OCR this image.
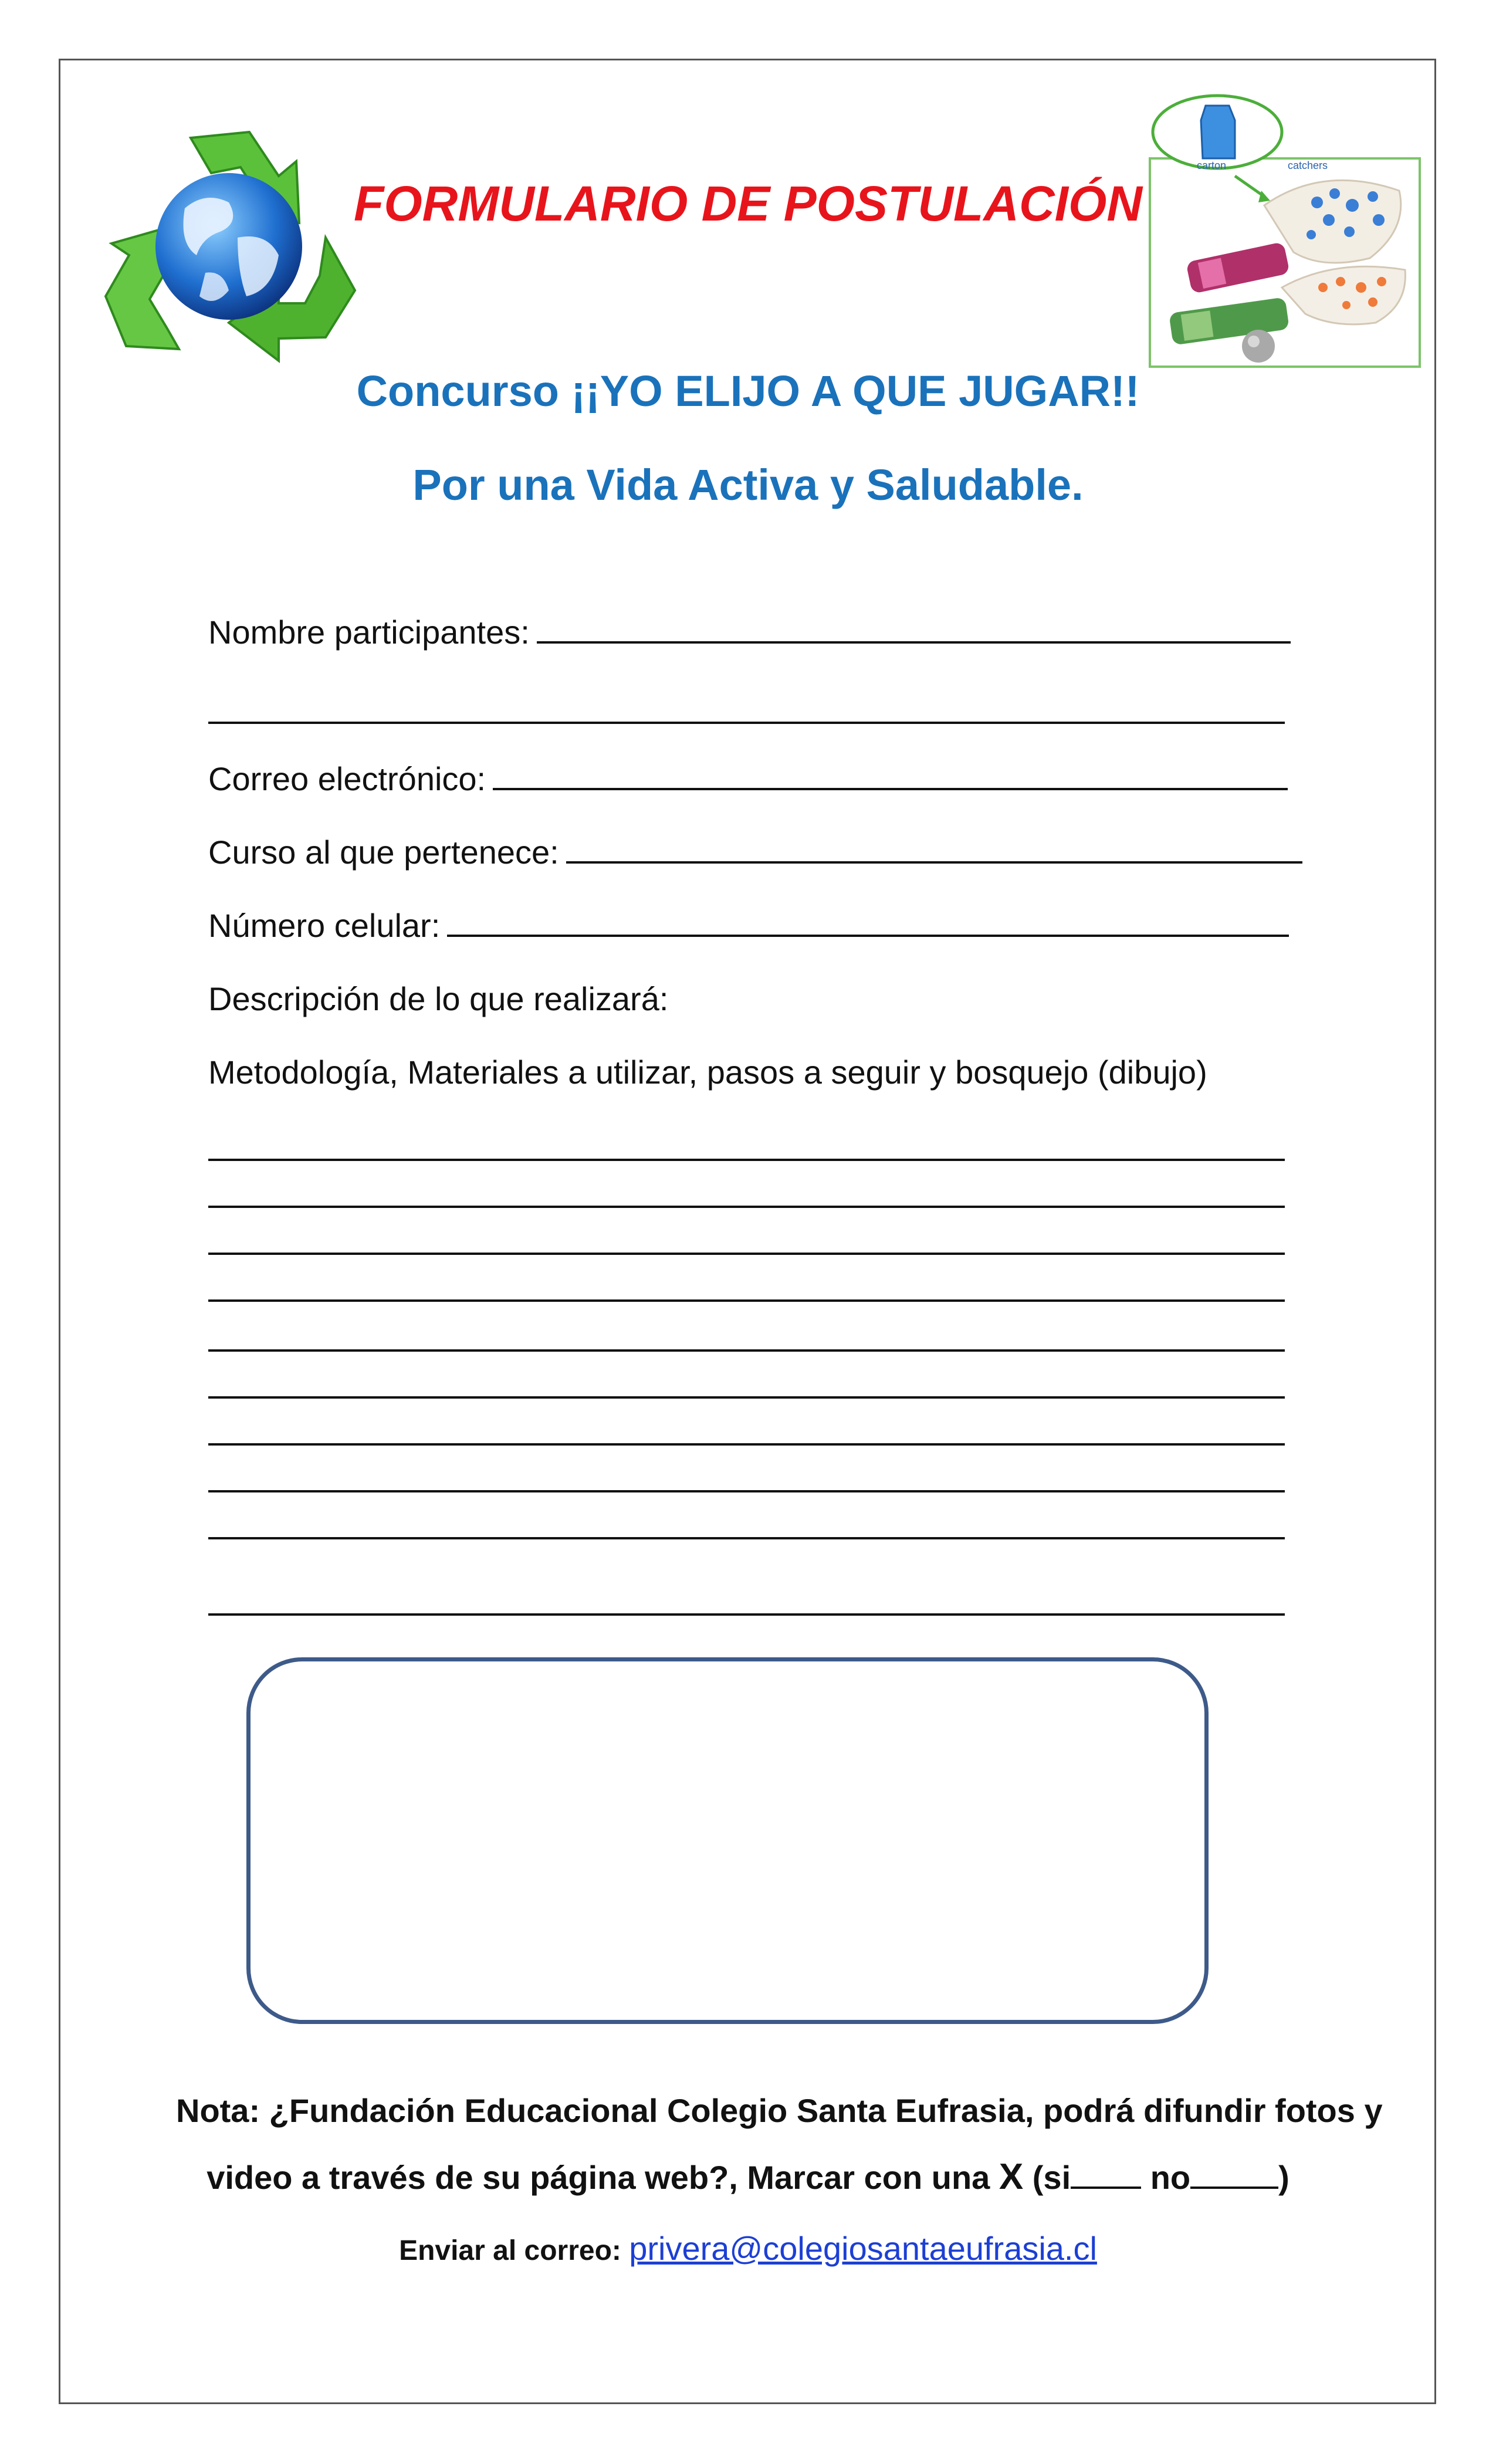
carton	catchers
FORMULARIO DE POSTULACIÓN
Concurso ¡¡YO ELIJO A QUE JUGAR!!
Por una Vida Activa y Saludable.
Nombre participantes:
Correo electrónico:
Curso al que pertenece:
Número celular:
Descripción de lo que realizará:
Metodología, Materiales a utilizar, pasos a seguir y bosquejo (dibujo)
Nota: ¿Fundación Educacional Colegio Santa Eufrasia, podrá difundir fotos y
video a través de su página web?, Marcar con una X (si no	)
Enviar al correo: privera@colegiosantaeufrasia.cl
